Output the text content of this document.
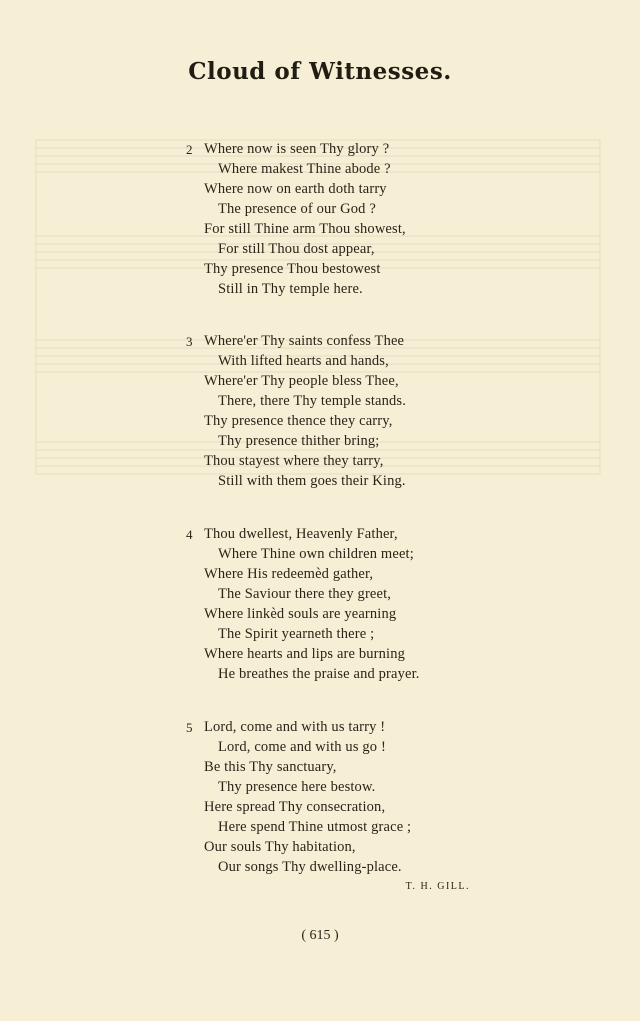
Cloud of Witnesses.
2 Where now is seen Thy glory ?
Where makest Thine abode ?
Where now on earth doth tarry
The presence of our God ?
For still Thine arm Thou showest,
For still Thou dost appear,
Thy presence Thou bestowest
Still in Thy temple here.
3 Where'er Thy saints confess Thee
With lifted hearts and hands,
Where'er Thy people bless Thee,
There, there Thy temple stands.
Thy presence thence they carry,
Thy presence thither bring;
Thou stayest where they tarry,
Still with them goes their King.
4 Thou dwellest, Heavenly Father,
Where Thine own children meet;
Where His redeemèd gather,
The Saviour there they greet,
Where linkèd souls are yearning
The Spirit yearneth there ;
Where hearts and lips are burning
He breathes the praise and prayer.
5 Lord, come and with us tarry !
Lord, come and with us go !
Be this Thy sanctuary,
Thy presence here bestow.
Here spread Thy consecration,
Here spend Thine utmost grace ;
Our souls Thy habitation,
Our songs Thy dwelling-place.
T. H. GILL.
( 615 )
